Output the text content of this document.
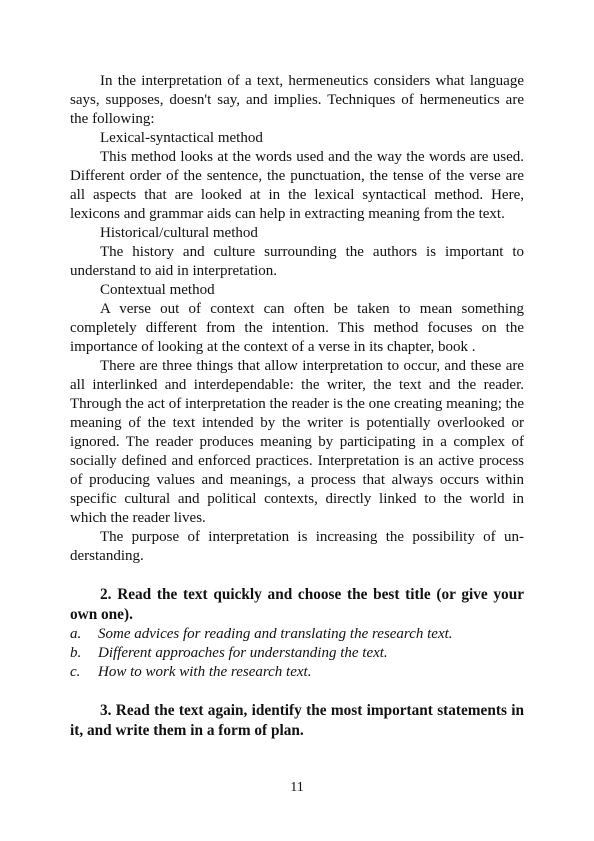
In the interpretation of a text, hermeneutics considers what language says, supposes, doesn't say, and implies. Techniques of hermeneutics are the following:

Lexical-syntactical method

This method looks at the words used and the way the words are used. Different order of the sentence, the punctuation, the tense of the verse are all aspects that are looked at in the lexical syntactical method. Here, lexicons and grammar aids can help in extracting meaning from the text.

Historical/cultural method

The history and culture surrounding the authors is important to understand to aid in interpretation.

Contextual method

A verse out of context can often be taken to mean something completely different from the intention. This method focuses on the importance of looking at the context of a verse in its chapter, book .

There are three things that allow interpretation to occur, and these are all interlinked and interdependable: the writer, the text and the reader. Through the act of interpretation the reader is the one creating meaning; the meaning of the text intended by the writer is potentially overlooked or ignored. The reader produces meaning by participating in a complex of socially defined and enforced practices. Interpretation is an active process of producing values and meanings, a process that always occurs within specific cultural and political contexts, directly linked to the world in which the reader lives.

The purpose of interpretation is increasing the possibility of understanding.

2. Read the text quickly and choose the best title (or give your own one).

a.	Some advices for reading and translating the research text.
b.	Different approaches for understanding the text.
c.	How to work with the research text.

3. Read the text again, identify the most important statements in it, and write them in a form of plan.

11
